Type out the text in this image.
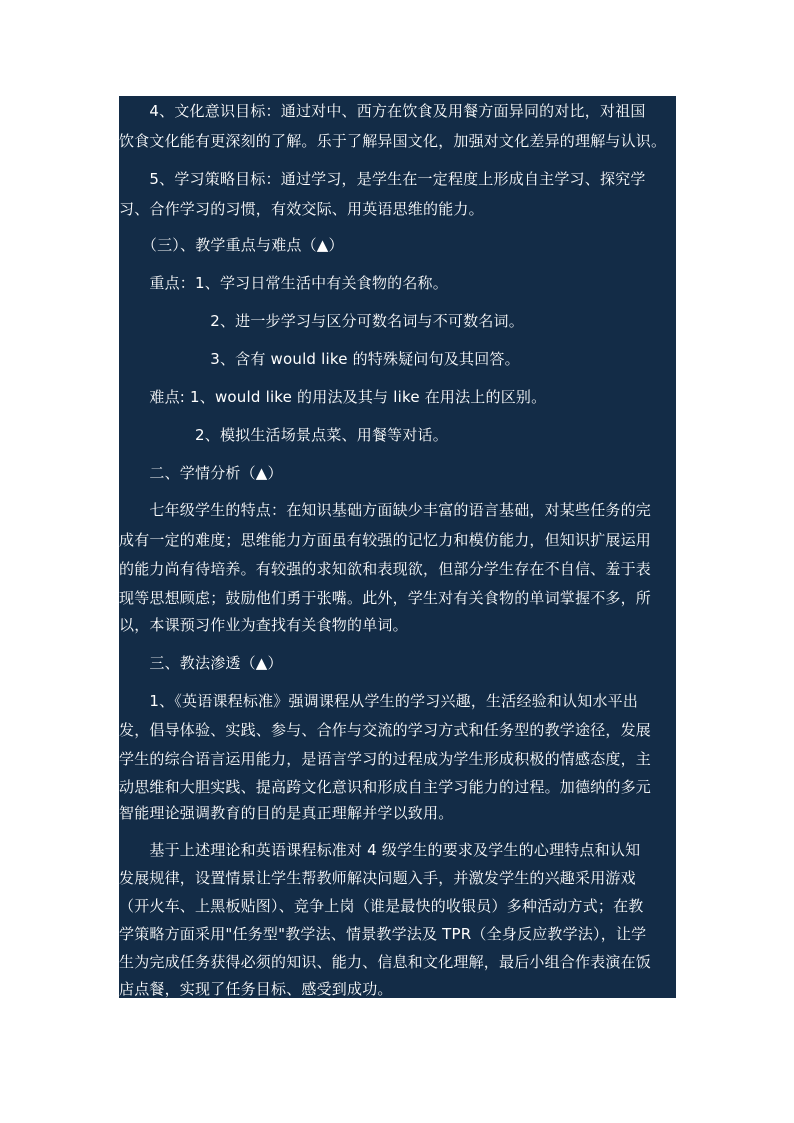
　　4、文化意识目标：通过对中、西方在饮食及用餐方面异同的对比，对祖国
饮食文化能有更深刻的了解。乐于了解异国文化，加强对文化差异的理解与认识。
　　5、学习策略目标：通过学习，是学生在一定程度上形成自主学习、探究学
习、合作学习的习惯，有效交际、用英语思维的能力。
　　（三）、教学重点与难点（▲）
　　重点：1、学习日常生活中有关食物的名称。
　　　　　　2、进一步学习与区分可数名词与不可数名词。
　　　　　　3、含有 would like 的特殊疑问句及其回答。
　　难点: 1、would like 的用法及其与 like 在用法上的区别。
　　　　　2、模拟生活场景点菜、用餐等对话。
　　二、学情分析（▲）
　　七年级学生的特点：在知识基础方面缺少丰富的语言基础，对某些任务的完
成有一定的难度；思维能力方面虽有较强的记忆力和模仿能力，但知识扩展运用
的能力尚有待培养。有较强的求知欲和表现欲，但部分学生存在不自信、羞于表
现等思想顾虑；鼓励他们勇于张嘴。此外，学生对有关食物的单词掌握不多，所
以，本课预习作业为查找有关食物的单词。
　　三、教法渗透（▲）
　　1、《英语课程标准》强调课程从学生的学习兴趣，生活经验和认知水平出
发，倡导体验、实践、参与、合作与交流的学习方式和任务型的教学途径，发展
学生的综合语言运用能力，是语言学习的过程成为学生形成积极的情感态度，主
动思维和大胆实践、提高跨文化意识和形成自主学习能力的过程。加德纳的多元
智能理论强调教育的目的是真正理解并学以致用。
　　基于上述理论和英语课程标准对 4 级学生的要求及学生的心理特点和认知
发展规律，设置情景让学生帮教师解决问题入手，并激发学生的兴趣采用游戏
（开火车、上黑板贴图）、竞争上岗（谁是最快的收银员）多种活动方式；在教
学策略方面采用"任务型"教学法、情景教学法及 TPR（全身反应教学法），让学
生为完成任务获得必须的知识、能力、信息和文化理解，最后小组合作表演在饭
店点餐，实现了任务目标、感受到成功。
